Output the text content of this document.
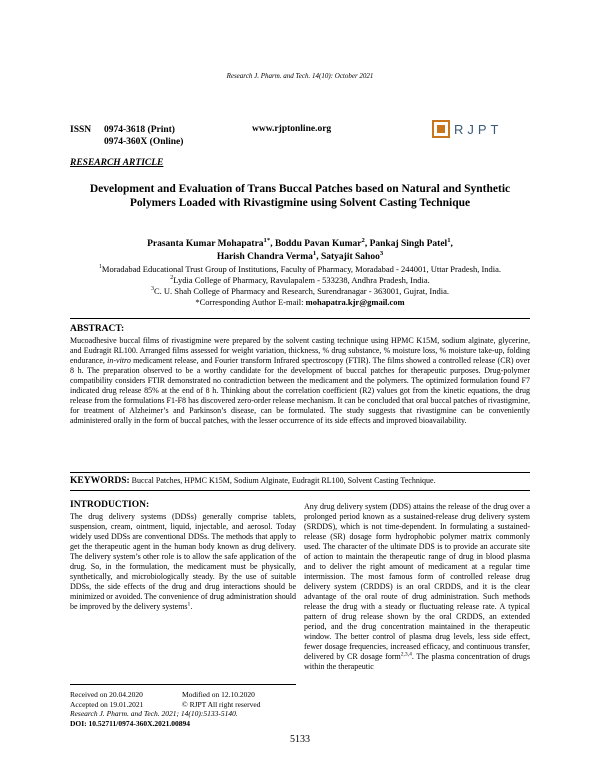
Research J. Pharm. and Tech. 14(10): October 2021
ISSN 0974-3618 (Print)
0974-360X (Online)
www.rjptonline.org	RJPT
RESEARCH ARTICLE
Development and Evaluation of Trans Buccal Patches based on Natural and Synthetic Polymers Loaded with Rivastigmine using Solvent Casting Technique
Prasanta Kumar Mohapatra$^{1*}$, Boddu Pavan Kumar$^2$, Pankaj Singh Patel$^1$,
Harish Chandra Verma$^1$, Satyajit Sahoo$^3$
$^1$Moradabad Educational Trust Group of Institutions, Faculty of Pharmacy, Moradabad - 244001, Uttar Pradesh, India.
$^2$Lydia College of Pharmacy, Ravulapalem - 533238, Andhra Pradesh, India.
$^3$C. U. Shah College of Pharmacy and Research, Surendranagar - 363001, Gujrat, India.
*Corresponding Author E-mail: mohapatra.kjr@gmail.com
ABSTRACT:
Mucoadhesive buccal films of rivastigmine were prepared by the solvent casting technique using HPMC K15M, sodium alginate, glycerine, and Eudragit RL100. Arranged films assessed for weight variation, thickness, % drug substance, % moisture loss, % moisture take-up, folding endurance, in-vitro medicament release, and Fourier transform Infrared spectroscopy (FTIR). The films showed a controlled release (CR) over 8 h. The preparation observed to be a worthy candidate for the development of buccal patches for therapeutic purposes. Drug-polymer compatibility considers FTIR demonstrated no contradiction between the medicament and the polymers. The optimized formulation found F7 indicated drug release 85% at the end of 8 h. Thinking about the correlation coefficient (R2) values got from the kinetic equations, the drug release from the formulations F1-F8 has discovered zero-order release mechanism. It can be concluded that oral buccal patches of rivastigmine, for treatment of Alzheimer’s and Parkinson’s disease, can be formulated. The study suggests that rivastigmine can be conveniently administered orally in the form of buccal patches, with the lesser occurrence of its side effects and improved bioavailability.
KEYWORDS: Buccal Patches, HPMC K15M, Sodium Alginate, Eudragit RL100, Solvent Casting Technique.
INTRODUCTION:
The drug delivery systems (DDSs) generally comprise tablets, suspension, cream, ointment, liquid, injectable, and aerosol. Today widely used DDSs are conventional DDSs. The methods that apply to get the therapeutic agent in the human body known as drug delivery. The delivery system’s other role is to allow the safe application of the drug. So, in the formulation, the medicament must be physically, synthetically, and microbiologically steady. By the use of suitable DDSs, the side effects of the drug and drug interactions should be minimized or avoided. The convenience of drug administration should be improved by the delivery systems$^1$.
Any drug delivery system (DDS) attains the release of the drug over a prolonged period known as a sustained-release drug delivery system (SRDDS), which is not time-dependent. In formulating a sustained-release (SR) dosage form hydrophobic polymer matrix commonly used. The character of the ultimate DDS is to provide an accurate site of action to maintain the therapeutic range of drug in blood plasma and to deliver the right amount of medicament at a regular time intermission. The most famous form of controlled release drug delivery system (CRDDS) is an oral CRDDS, and it is the clear advantage of the oral route of drug administration. Such methods release the drug with a steady or fluctuating release rate. A typical pattern of drug release shown by the oral CRDDS, an extended period, and the drug concentration maintained in the therapeutic window. The better control of plasma drug levels, less side effect, fewer dosage frequencies, increased efficacy, and continuous transfer, delivered by CR dosage form$^{2,3,4}$. The plasma concentration of drugs within the therapeutic
Received on 20.04.2020	Modified on 12.10.2020
Accepted on 19.01.2021	© RJPT All right reserved
Research J. Pharm. and Tech. 2021; 14(10):5133-5140.
DOI: 10.52711/0974-360X.2021.00894
5133
